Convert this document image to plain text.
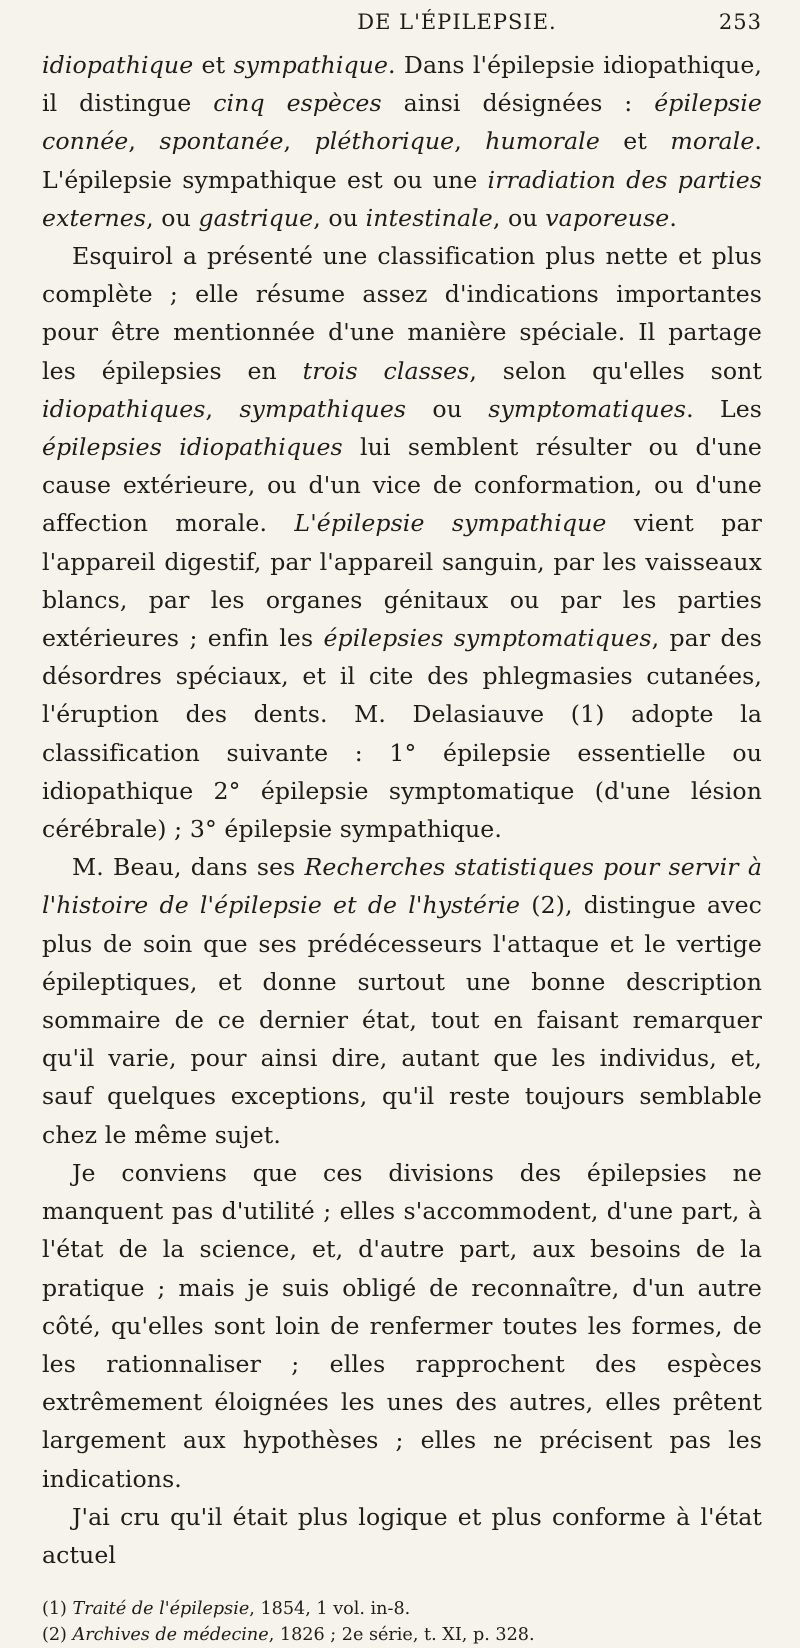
DE L'ÉPILEPSIE.	253

idiopathique et sympathique. Dans l'épilepsie idiopathique, il distingue cinq espèces ainsi désignées : épilepsie connée, spontanée, pléthorique, humorale et morale. L'épilepsie sympathique est ou une irradiation des parties externes, ou gastrique, ou intestinale, ou vaporeuse.

Esquirol a présenté une classification plus nette et plus complète ; elle résume assez d'indications importantes pour être mentionnée d'une manière spéciale. Il partage les épilepsies en trois classes, selon qu'elles sont idiopathiques, sympathiques ou symptomatiques. Les épilepsies idiopathiques lui semblent résulter ou d'une cause extérieure, ou d'un vice de conformation, ou d'une affection morale. L'épilepsie sympathique vient par l'appareil digestif, par l'appareil sanguin, par les vaisseaux blancs, par les organes génitaux ou par les parties extérieures ; enfin les épilepsies symptomatiques, par des désordres spéciaux, et il cite des phlegmasies cutanées, l'éruption des dents. M. Delasiauve (1) adopte la classification suivante : 1° épilepsie essentielle ou idiopathique 2° épilepsie symptomatique (d'une lésion cérébrale) ; 3° épilepsie sympathique.

M. Beau, dans ses Recherches statistiques pour servir à l'histoire de l'épilepsie et de l'hystérie (2), distingue avec plus de soin que ses prédécesseurs l'attaque et le vertige épileptiques, et donne surtout une bonne description sommaire de ce dernier état, tout en faisant remarquer qu'il varie, pour ainsi dire, autant que les individus, et, sauf quelques exceptions, qu'il reste toujours semblable chez le même sujet.

Je conviens que ces divisions des épilepsies ne manquent pas d'utilité ; elles s'accommodent, d'une part, à l'état de la science, et, d'autre part, aux besoins de la pratique ; mais je suis obligé de reconnaître, d'un autre côté, qu'elles sont loin de renfermer toutes les formes, de les rationnaliser ; elles rapprochent des espèces extrêmement éloignées les unes des autres, elles prêtent largement aux hypothèses ; elles ne précisent pas les indications.

J'ai cru qu'il était plus logique et plus conforme à l'état actuel

(1) Traité de l'épilepsie, 1854, 1 vol. in-8.
(2) Archives de médecine, 1826 ; 2e série, t. XI, p. 328.
